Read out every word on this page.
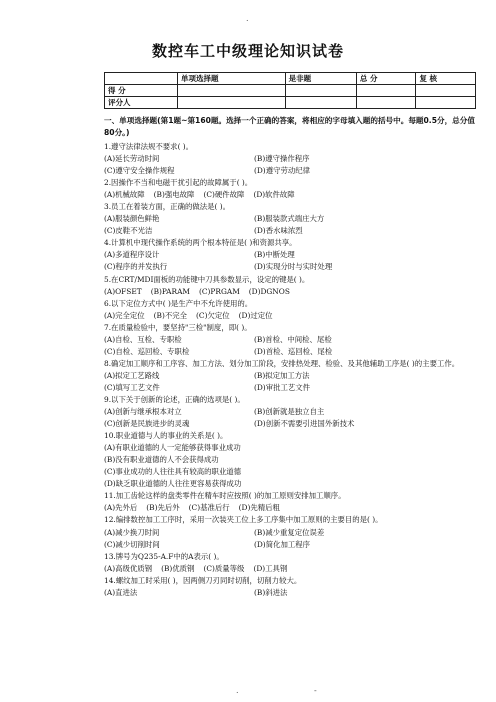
.
数控车工中级理论知识试卷
	单项选择题	是非题	总 分	复 核
得 分				
评分人				
一、单项选择题(第1题~第160题。选择一个正确的答案，将相应的字母填入题的括号中。每题0.5分，总分值80分。)
1.遵守法律法规不要求( )。
(A)延长劳动时间	(B)遵守操作程序
(C)遵守安全操作规程	(D)遵守劳动纪律
2.因操作不当和电磁干扰引起的故障属于( )。
(A)机械故障 (B)强电故障 (C)硬件故障 (D)软件故障
3.员工在着装方面，正确的做法是( )。
(A)服装颜色鲜艳	(B)服装款式端庄大方
(C)皮鞋不光洁	(D)香水味浓烈
4.计算机中现代操作系统的两个根本特征是( )和资源共享。
(A)多道程序设计	(B)中断处理
(C)程序的并发执行	(D)实现分时与实时处理
5.在CRT/MDI面板的功能键中刀具参数显示，设定的键是( )。
(A)OFSET (B)PARAM (C)PRGAM (D)DGNOS
6.以下定位方式中( )是生产中不允许使用的。
(A)完全定位 (B)不完全 (C)欠定位 (D)过定位
7.在质量检验中，要坚持"三检"制度，即( )。
(A)自检、互检、专职检	(B)首检、中间检、尾检
(C)自检、巡回检、专职检	(D)首检、巡回检、尾检
8.确定加工顺序和工序容、加工方法、划分加工阶段，安排热处理、检验、及其他辅助工序是( )的主要工作。
(A)拟定工艺路线	(B)拟定加工方法
(C)填写工艺文件	(D)审批工艺文件
9.以下关于创新的论述，正确的选项是( )。
(A)创新与继承根本对立	(B)创新就是独立自主
(C)创新是民族进步的灵魂	(D)创新不需要引进国外新技术
10.职业道德与人的事业的关系是( )。
(A)有职业道德的人一定能够获得事业成功
(B)没有职业道德的人不会获得成功
(C)事业成功的人往往具有较高的职业道德
(D)缺乏职业道德的人往往更容易获得成功
11.加工齿轮这样的盘类零件在精车时应按照( )的加工原则安排加工顺序。
(A)先外后 (B)先后外 (C)基准后行 (D)先精后粗
12.编排数控加工工序时，采用一次装夹工位上多工序集中加工原则的主要目的是( )。
(A)减少换刀时间	(B)减少重复定位误差
(C)减少切削时间	(D)简化加工程序
13.牌号为Q235-A.F中的A表示( )。
(A)高级优质钢 (B)优质钢 (C)质量等级 (D)工具钢
14.螺纹加工时采用( )，因两侧刀刃同时切削，切削力较大。
(A)直进法	(B)斜进法
.	-
